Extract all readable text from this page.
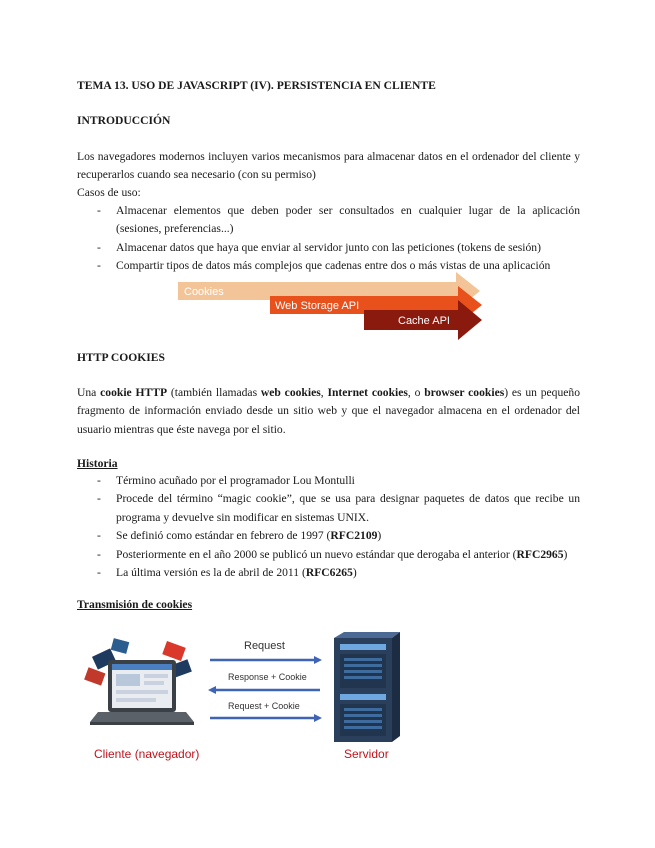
TEMA 13. USO DE JAVASCRIPT (IV). PERSISTENCIA EN CLIENTE
INTRODUCCIÓN
Los navegadores modernos incluyen varios mecanismos para almacenar datos en el ordenador del cliente y recuperarlos cuando sea necesario (con su permiso)
Casos de uso:
- Almacenar elementos que deben poder ser consultados en cualquier lugar de la aplicación (sesiones, preferencias...)
- Almacenar datos que haya que enviar al servidor junto con las peticiones (tokens de sesión)
- Compartir tipos de datos más complejos que cadenas entre dos o más vistas de una aplicación
Cookies
Web Storage API
Cache API
HTTP COOKIES
Una cookie HTTP (también llamadas web cookies, Internet cookies, o browser cookies) es un pequeño fragmento de información enviado desde un sitio web y que el navegador almacena en el ordenador del usuario mientras que éste navega por el sitio.
Historia
- Término acuñado por el programador Lou Montulli
- Procede del término “magic cookie”, que se usa para designar paquetes de datos que recibe un programa y devuelve sin modificar en sistemas UNIX.
- Se definió como estándar en febrero de 1997 (RFC2109)
- Posteriormente en el año 2000 se publicó un nuevo estándar que derogaba el anterior (RFC2965)
- La última versión es la de abril de 2011 (RFC6265)
Transmisión de cookies
Request
Response + Cookie
Request + Cookie
Cliente (navegador)	Servidor
